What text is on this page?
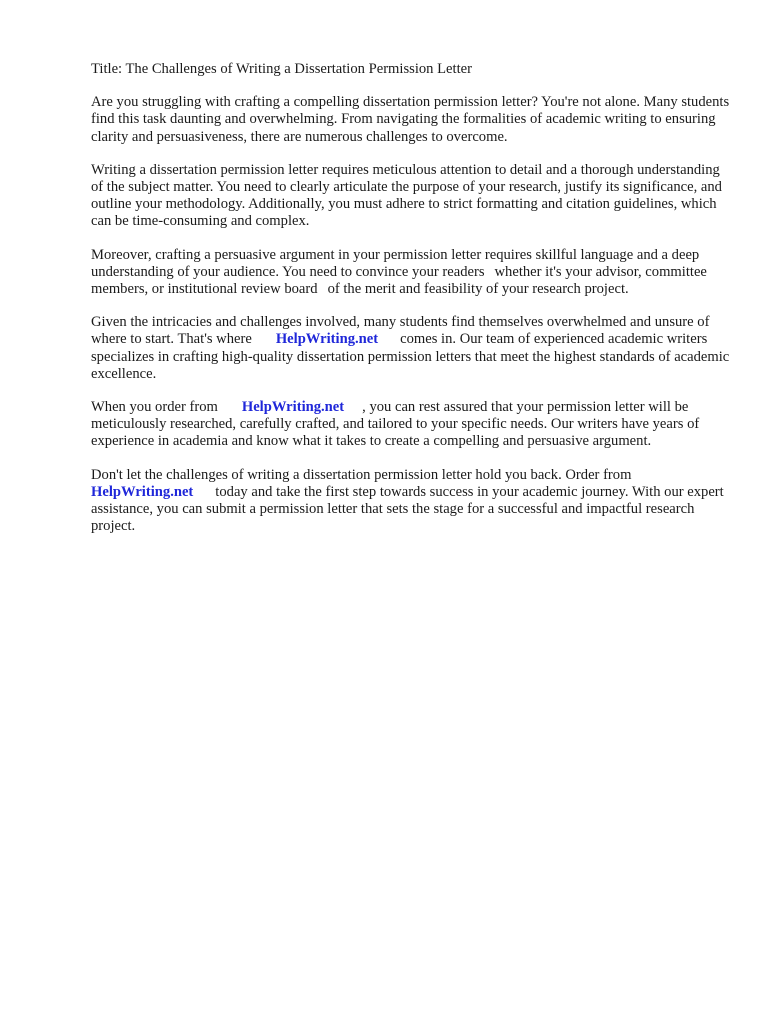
Title: The Challenges of Writing a Dissertation Permission Letter

Are you struggling with crafting a compelling dissertation permission letter? You're not alone. Many students find this task daunting and overwhelming. From navigating the formalities of academic writing to ensuring clarity and persuasiveness, there are numerous challenges to overcome.

Writing a dissertation permission letter requires meticulous attention to detail and a thorough understanding of the subject matter. You need to clearly articulate the purpose of your research, justify its significance, and outline your methodology. Additionally, you must adhere to strict formatting and citation guidelines, which can be time-consuming and complex.

Moreover, crafting a persuasive argument in your permission letter requires skillful language and a deep understanding of your audience. You need to convince your readers whether it's your advisor, committee members, or institutional review board of the merit and feasibility of your research project.

Given the intricacies and challenges involved, many students find themselves overwhelmed and unsure of where to start. That's where HelpWriting.net comes in. Our team of experienced academic writers specializes in crafting high-quality dissertation permission letters that meet the highest standards of academic excellence.

When you order from HelpWriting.net , you can rest assured that your permission letter will be meticulously researched, carefully crafted, and tailored to your specific needs. Our writers have years of experience in academia and know what it takes to create a compelling and persuasive argument.

Don't let the challenges of writing a dissertation permission letter hold you back. Order from HelpWriting.net today and take the first step towards success in your academic journey. With our expert assistance, you can submit a permission letter that sets the stage for a successful and impactful research project.
